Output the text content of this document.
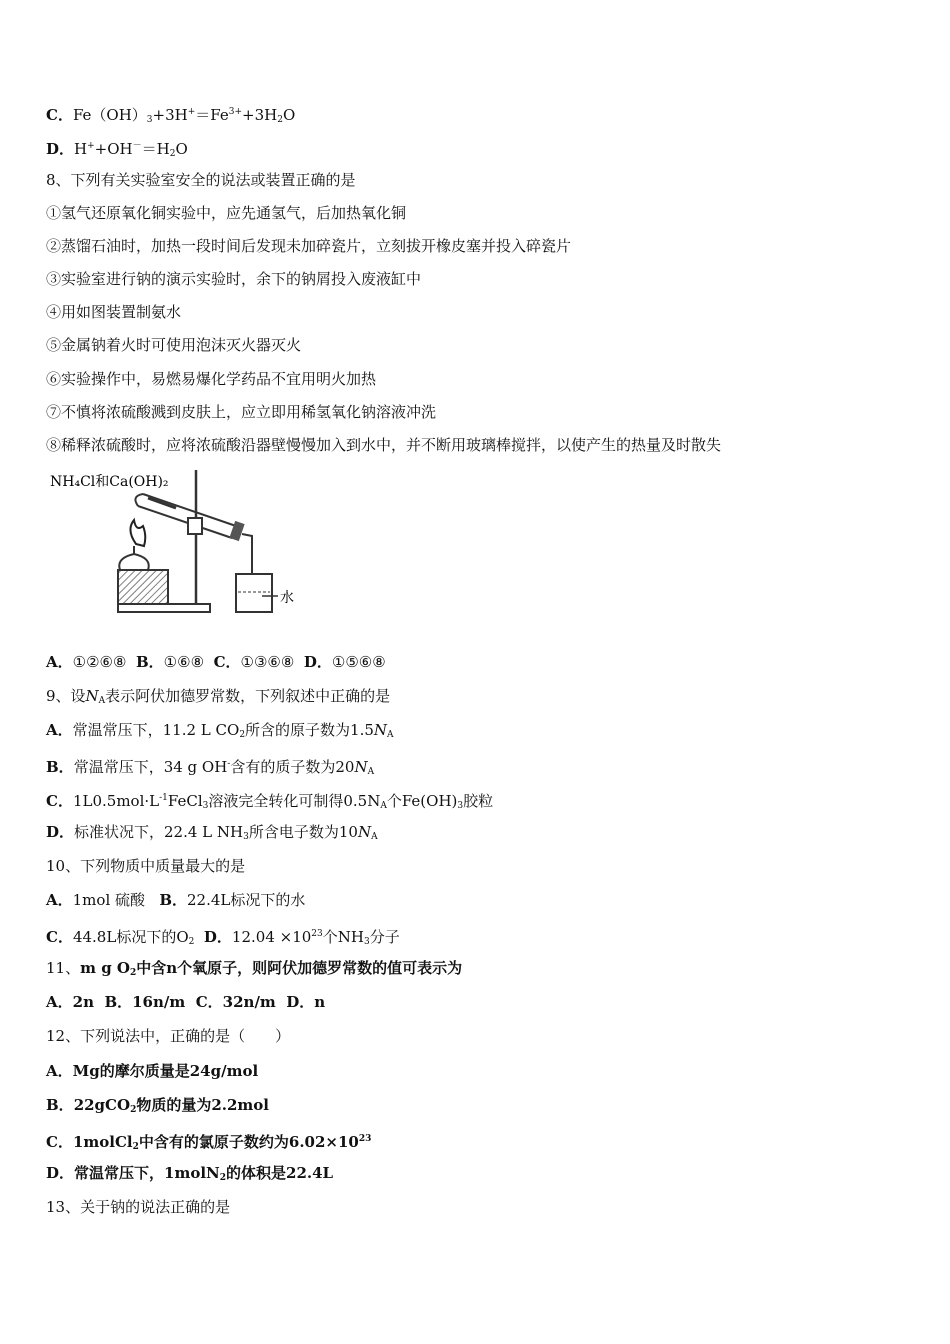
C．$Fe(OH)_3+3H^+=Fe^{3+}+3H_2O$
D．$H^++OH^-=H_2O$
8、下列有关实验室安全的说法或装置正确的是
①氢气还原氧化铜实验中，应先通氢气，后加热氧化铜
②蒸馏石油时，加热一段时间后发现未加碎瓷片，立刻拔开橡皮塞并投入碎瓷片
③实验室进行钠的演示实验时，余下的钠屑投入废液缸中
④用如图装置制氨水
⑤金属钠着火时可使用泡沫灭火器灭火
⑥实验操作中，易燃易爆化学药品不宜用明火加热
⑦不慎将浓硫酸溅到皮肤上，应立即用稀氢氧化钠溶液冲洗
⑧稀释浓硫酸时，应将浓硫酸沿器壁慢慢加入到水中，并不断用玻璃棒搅拌，以使产生的热量及时散失
NH₄Cl和Ca(OH)₂
水
A．①②⑥⑧ B．①⑥⑧ C．①③⑥⑧ D．①⑤⑥⑧
9、设$N_A$表示阿伏加德罗常数，下列叙述中正确的是
A．常温常压下，11.2 L $CO_2$所含的原子数为$1.5N_A$
B．常温常压下，34 g OH-含有的质子数为$20N_A$
C．$1L0.5mol\cdot L^{-1}FeCl_3$溶液完全转化可制得$0.5N_A$个$Fe(OH)_3$胶粒
D．标准状况下，22.4 L $NH_3$所含电子数为$10N_A$
10、下列物质中质量最大的是
A．1mol 硫酸 B．22.4L标况下的水
C．44.8L标况下的$O_2$ D．$12.04 \times 10^{23}$个$NH_3$分子
11、m g $O_2$中含n个氧原子，则阿伏加德罗常数的值可表示为
A．2n B．16n/m C．32n/m D．n
12、下列说法中，正确的是（　　）
A．Mg的摩尔质量是24g/mol
B．22gCO$_2$物质的量为2.2mol
C．1molCl$_2$中含有的氯原子数约为$6.02\times 10^{23}$
D．常温常压下，1molN$_2$的体积是22.4L
13、关于钠的说法正确的是
